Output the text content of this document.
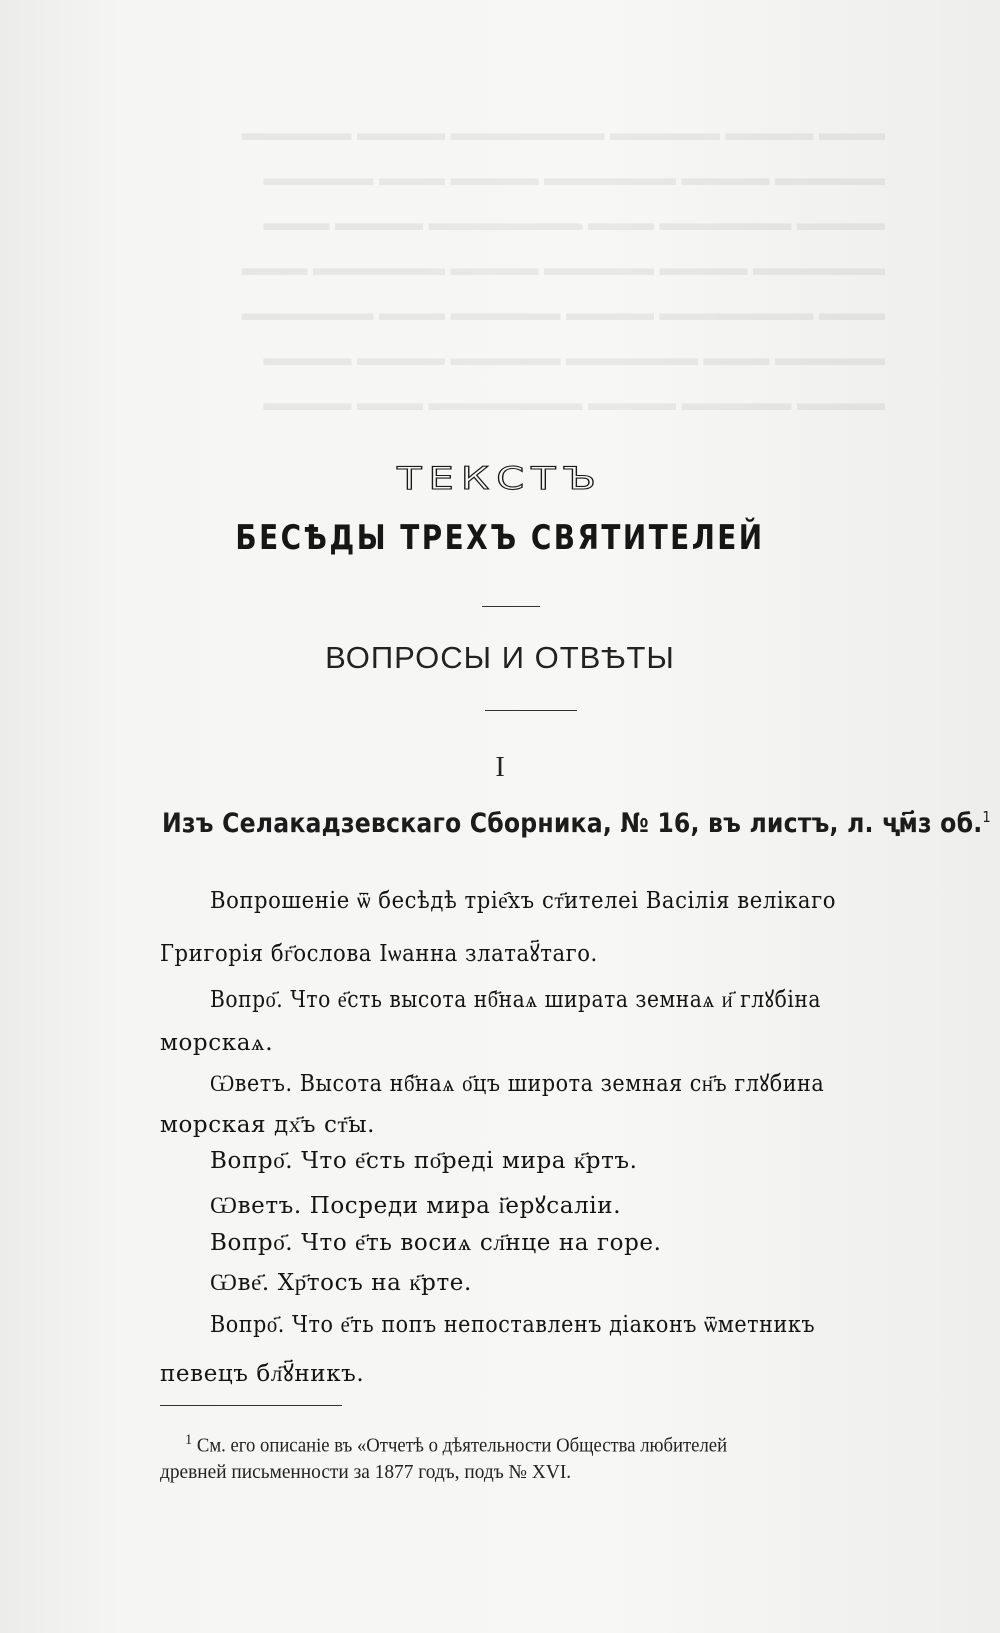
▬▬▬ ▬▬▬▬ ▬▬▬▬▬ ▬▬▬▬▬▬▬ ▬▬▬▬ ▬▬▬▬▬
▬▬▬▬▬ ▬▬▬▬ ▬▬▬▬▬▬ ▬▬▬▬ ▬▬▬ ▬▬▬▬▬
▬▬▬▬ ▬▬▬▬▬▬ ▬▬▬ ▬▬▬▬▬▬▬ ▬▬▬▬ ▬▬▬
▬▬▬▬▬▬ ▬▬▬▬ ▬▬▬▬▬ ▬▬▬▬ ▬▬▬▬▬▬ ▬▬▬
▬▬▬ ▬▬▬▬▬▬▬ ▬▬▬▬ ▬▬▬▬▬ ▬▬▬ ▬▬▬▬▬▬
▬▬▬▬▬ ▬▬▬ ▬▬▬▬▬▬ ▬▬▬▬▬ ▬▬▬▬ ▬▬▬▬
▬▬▬▬ ▬▬▬▬▬ ▬▬▬▬ ▬▬▬▬▬▬▬ ▬▬▬ ▬▬▬▬
ТЕКСТЪ
БЕСѢДЫ ТРЕХЪ СВЯТИТЕЛЕЙ
ВОПРОСЫ И ОТВѢТЫ
I
Изъ Селакадзевскаго Сборника, № 16, въ листъ, л. ҷм҃з об.$^1$
Вопрошеніе ѿ бесѣдѣ тріе҄хъ ст҃ителеі Васілія велікаго
Григорія бг҃ослова Іѡанна златаꙋ҃таго.
Вопро҃. Что е҃сть высота нб҃наѧ ширата земнаѧ и҃ глꙋбіна
морскаѧ.
Ѡветъ. Высота нб҃наѧ о҃цъ широта земная сн҃ъ глꙋбина
морская дх҃ъ ст҃ы.
Вопро҃. Что е҃сть по҃реді мира к҃ртъ.
Ѡветъ. Посреди мира і҃ерꙋсаліи.
Вопро҃. Что е҃ть восиѧ сл҃нце на горе.
Ѡве҃. Хр҃тосъ на к҃рте.
Вопро҃. Что е҃ть попъ непоставленъ діаконъ ѿметникъ
певецъ бл҃ꙋ҃никъ.
$^1$ См. его описаніе въ «Отчетѣ о дѣятельности Общества любителей
древней письменности за 1877 годъ, подъ № XVI.
